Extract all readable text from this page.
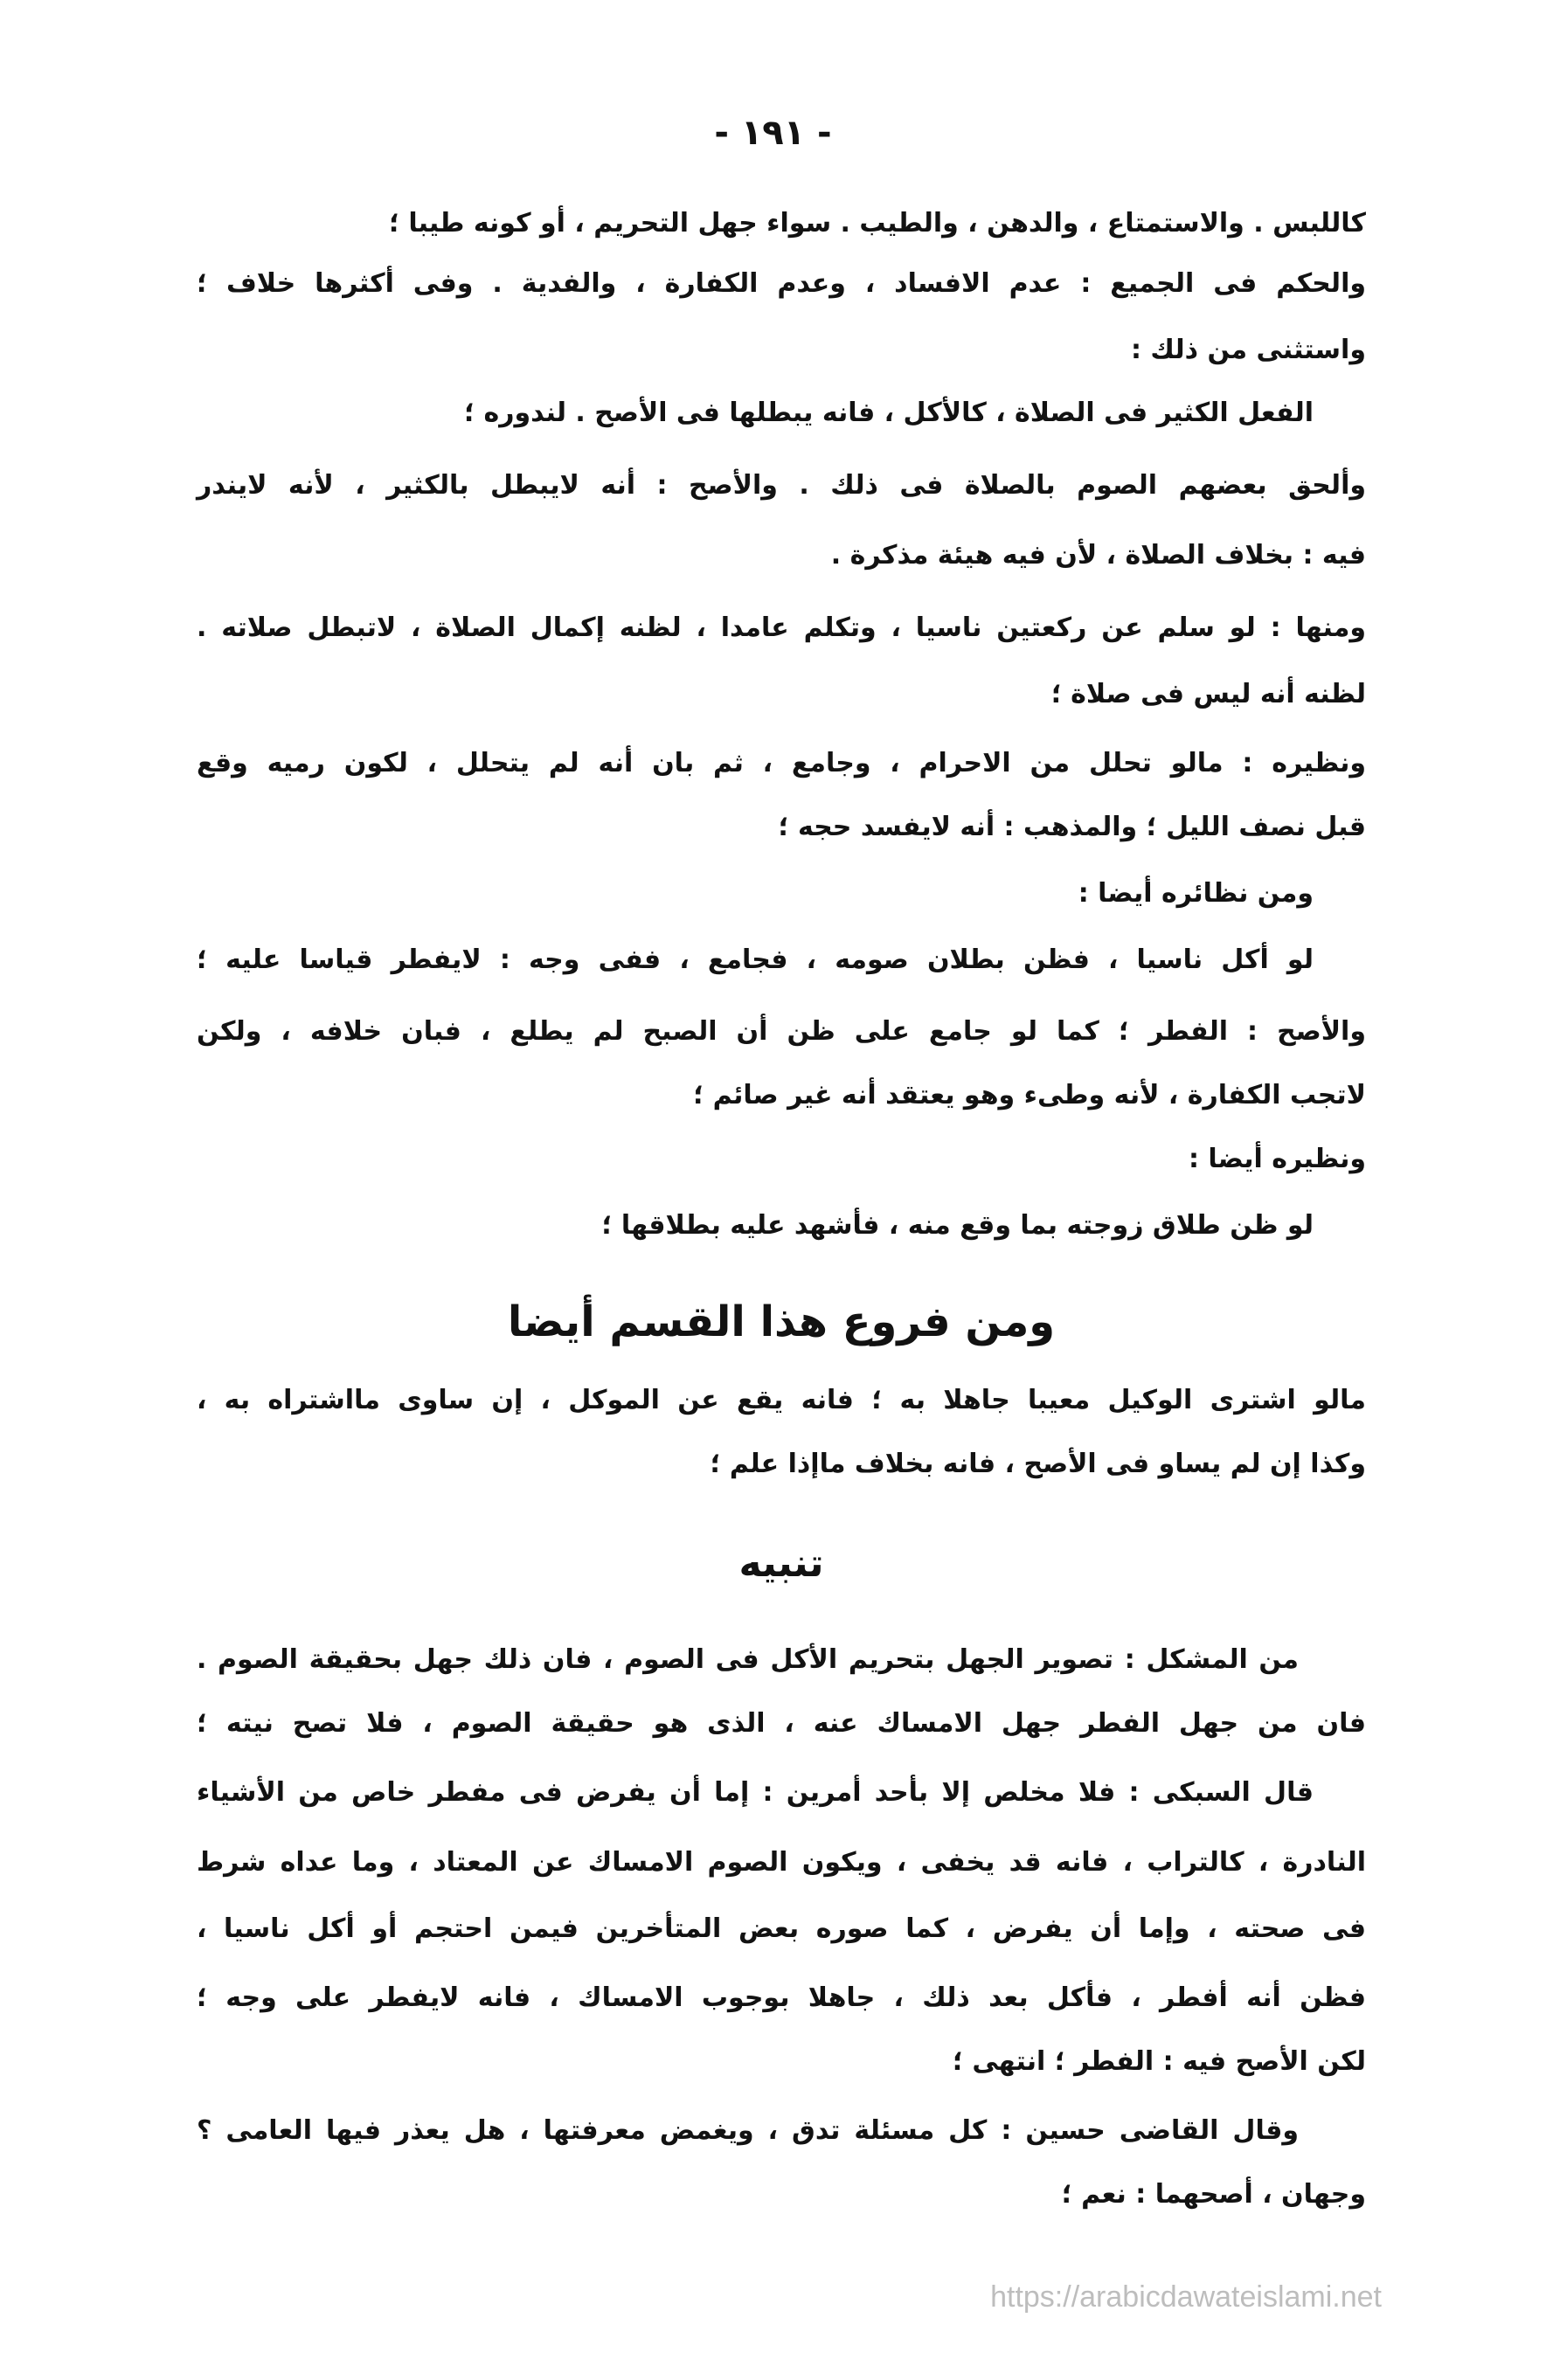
- ١٩١ -
كاللبس . والاستمتاع ، والدهن ، والطيب . سواء جهل التحريم ، أو كونه طيبا ؛
والحكم فى الجميع : عدم الافساد ، وعدم الكفارة ، والفدية . وفى أكثرها خلاف ؛
واستثنى من ذلك :
الفعل الكثير فى الصلاة ، كالأكل ، فانه يبطلها فى الأصح . لندوره ؛
وألحق بعضهم الصوم بالصلاة فى ذلك . والأصح : أنه لايبطل بالكثير ، لأنه لايندر
فيه : بخلاف الصلاة ، لأن فيه هيئة مذكرة .
ومنها : لو سلم عن ركعتين ناسيا ، وتكلم عامدا ، لظنه إكمال الصلاة ، لاتبطل صلاته .
لظنه أنه ليس فى صلاة ؛
ونظيره : مالو تحلل من الاحرام ، وجامع ، ثم بان أنه لم يتحلل ، لكون رميه وقع
قبل نصف الليل ؛ والمذهب : أنه لايفسد حجه ؛
ومن نظائره أيضا :
لو أكل ناسيا ، فظن بطلان صومه ، فجامع ، ففى وجه : لايفطر قياسا عليه ؛
والأصح : الفطر ؛ كما لو جامع على ظن أن الصبح لم يطلع ، فبان خلافه ، ولكن
لاتجب الكفارة ، لأنه وطىء وهو يعتقد أنه غير صائم ؛
ونظيره أيضا :
لو ظن طلاق زوجته بما وقع منه ، فأشهد عليه بطلاقها ؛
ومن فروع هذا القسم أيضا
مالو اشترى الوكيل معيبا جاهلا به ؛ فانه يقع عن الموكل ، إن ساوى مااشتراه به ،
وكذا إن لم يساو فى الأصح ، فانه بخلاف ماإذا علم ؛
تنبيه
من المشكل : تصوير الجهل بتحريم الأكل فى الصوم ، فان ذلك جهل بحقيقة الصوم .
فان من جهل الفطر جهل الامساك عنه ، الذى هو حقيقة الصوم ، فلا تصح نيته ؛
قال السبكى : فلا مخلص إلا بأحد أمرين : إما أن يفرض فى مفطر خاص من الأشياء
النادرة ، كالتراب ، فانه قد يخفى ، ويكون الصوم الامساك عن المعتاد ، وما عداه شرط
فى صحته ، وإما أن يفرض ، كما صوره بعض المتأخرين فيمن احتجم أو أكل ناسيا ،
فظن أنه أفطر ، فأكل بعد ذلك ، جاهلا بوجوب الامساك ، فانه لايفطر على وجه ؛
لكن الأصح فيه : الفطر ؛ انتهى ؛
وقال القاضى حسين : كل مسئلة تدق ، ويغمض معرفتها ، هل يعذر فيها العامى ؟
وجهان ، أصحهما : نعم ؛
https://arabicdawateislami.net
